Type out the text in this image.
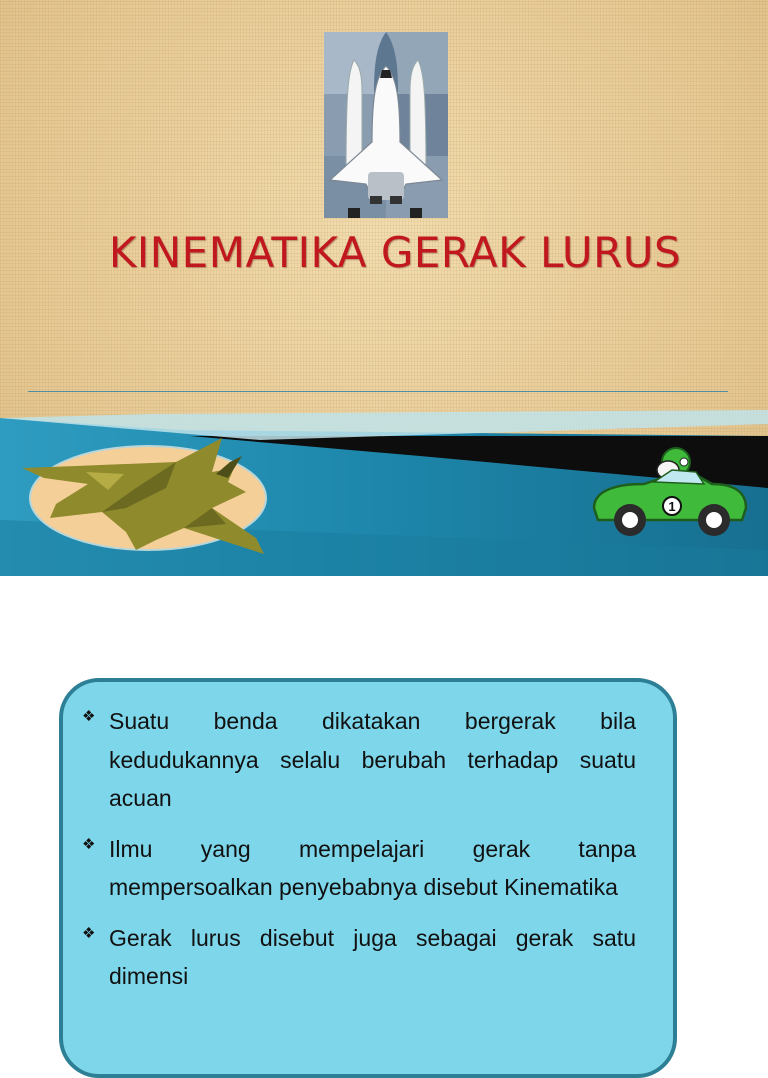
KINEMATIKA GERAK LURUS
1
❖ Suatu benda dikatakan bergerak bila kedudukannya selalu berubah terhadap suatu acuan
❖ Ilmu yang mempelajari gerak tanpa mempersoalkan penyebabnya disebut Kinematika
❖ Gerak lurus disebut juga sebagai gerak satu dimensi
